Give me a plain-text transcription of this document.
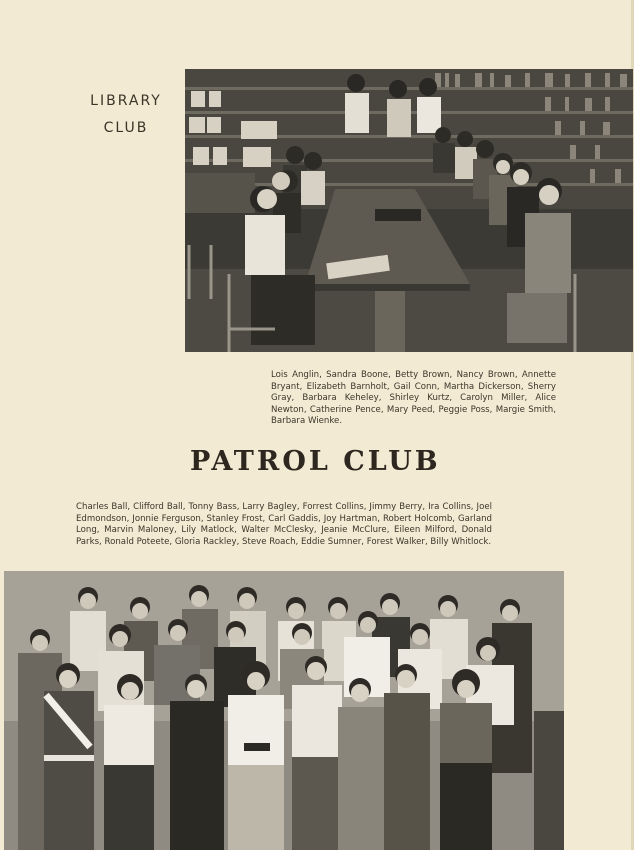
LIBRARY
CLUB
Lois Anglin, Sandra Boone, Betty Brown, Nancy Brown, Annette Bryant, Elizabeth Barnholt, Gail Conn, Martha Dickerson, Sherry Gray, Barbara Keheley, Shirley Kurtz, Carolyn Miller, Alice Newton, Catherine Pence, Mary Peed, Peggie Poss, Margie Smith, Barbara Wienke.
PATROL CLUB
Charles Ball, Clifford Ball, Tonny Bass, Larry Bagley, Forrest Collins, Jimmy Berry, Ira Collins, Joel Edmondson, Jonnie Ferguson, Stanley Frost, Carl Gaddis, Joy Hartman, Robert Holcomb, Garland Long, Marvin Maloney, Lily Matlock, Walter McClesky, Jeanie McClure, Eileen Milford, Donald Parks, Ronald Poteete, Gloria Rackley, Steve Roach, Eddie Sumner, Forest Walker, Billy Whitlock.
